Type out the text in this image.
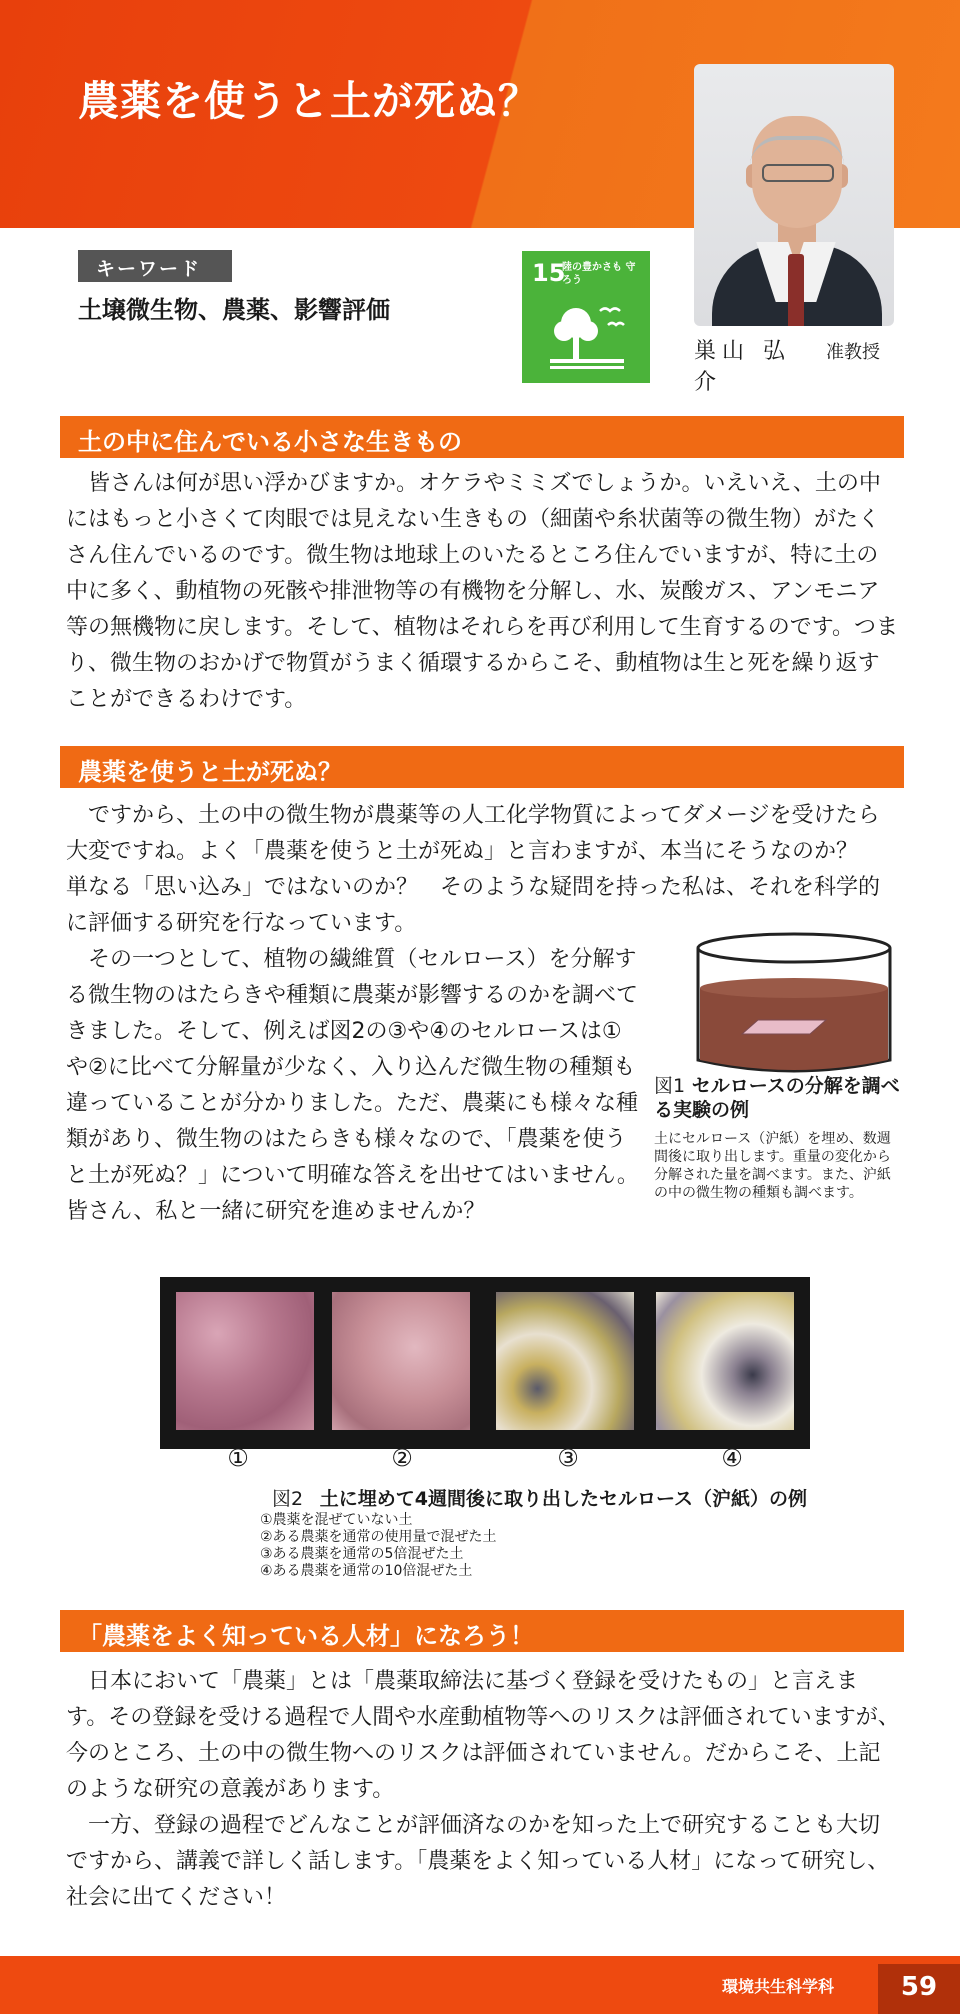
農薬を使うと土が死ぬ？
巣山 弘介
准教授
キーワード
土壌微生物、農薬、影響評価
15
陸の豊かさも 守ろう
土の中に住んでいる小さな生きもの

皆さんは何が思い浮かびますか。オケラやミミズでしょうか。いえいえ、土の中にはもっと小さくて肉眼では見えない生きもの（細菌や糸状菌等の微生物）がたくさん住んでいるのです。微生物は地球上のいたるところ住んでいますが、特に土の中に多く、動植物の死骸や排泄物等の有機物を分解し、水、炭酸ガス、アンモニア等の無機物に戻します。そして、植物はそれらを再び利用して生育するのです。つまり、微生物のおかげで物質がうまく循環するからこそ、動植物は生と死を繰り返すことができるわけです。

農薬を使うと土が死ぬ？

ですから、土の中の微生物が農薬等の人工化学物質によってダメージを受けたら大変ですね。よく「農薬を使うと土が死ぬ」と言わますが、本当にそうなのか？　単なる「思い込み」ではないのか？　そのような疑問を持った私は、それを科学的に評価する研究を行なっています。

その一つとして、植物の繊維質（セルロース）を分解する微生物のはたらきや種類に農薬が影響するのかを調べてきました。そして、例えば図2の③や④のセルロースは①や②に比べて分解量が少なく、入り込んだ微生物の種類も違っていることが分かりました。ただ、農薬にも様々な種類があり、微生物のはたらきも様々なので、「農薬を使うと土が死ぬ？」について明確な答えを出せてはいません。皆さん、私と一緒に研究を進めませんか？

図1 セルロースの分解を調べる実験の例
土にセルロース（沪紙）を埋め、数週間後に取り出します。重量の変化から分解された量を調べます。また、沪紙の中の微生物の種類も調べます。
①	②	③	④
図2 土に埋めて4週間後に取り出したセルロース（沪紙）の例
①農薬を混ぜていない土
②ある農薬を通常の使用量で混ぜた土
③ある農薬を通常の5倍混ぜた土
④ある農薬を通常の10倍混ぜた土
「農薬をよく知っている人材」になろう！

日本において「農薬」とは「農薬取締法に基づく登録を受けたもの」と言えます。その登録を受ける過程で人間や水産動植物等へのリスクは評価されていますが、今のところ、土の中の微生物へのリスクは評価されていません。だからこそ、上記のような研究の意義があります。

一方、登録の過程でどんなことが評価済なのかを知った上で研究することも大切ですから、講義で詳しく話します。「農薬をよく知っている人材」になって研究し、社会に出てください！

環境共生科学科	59
